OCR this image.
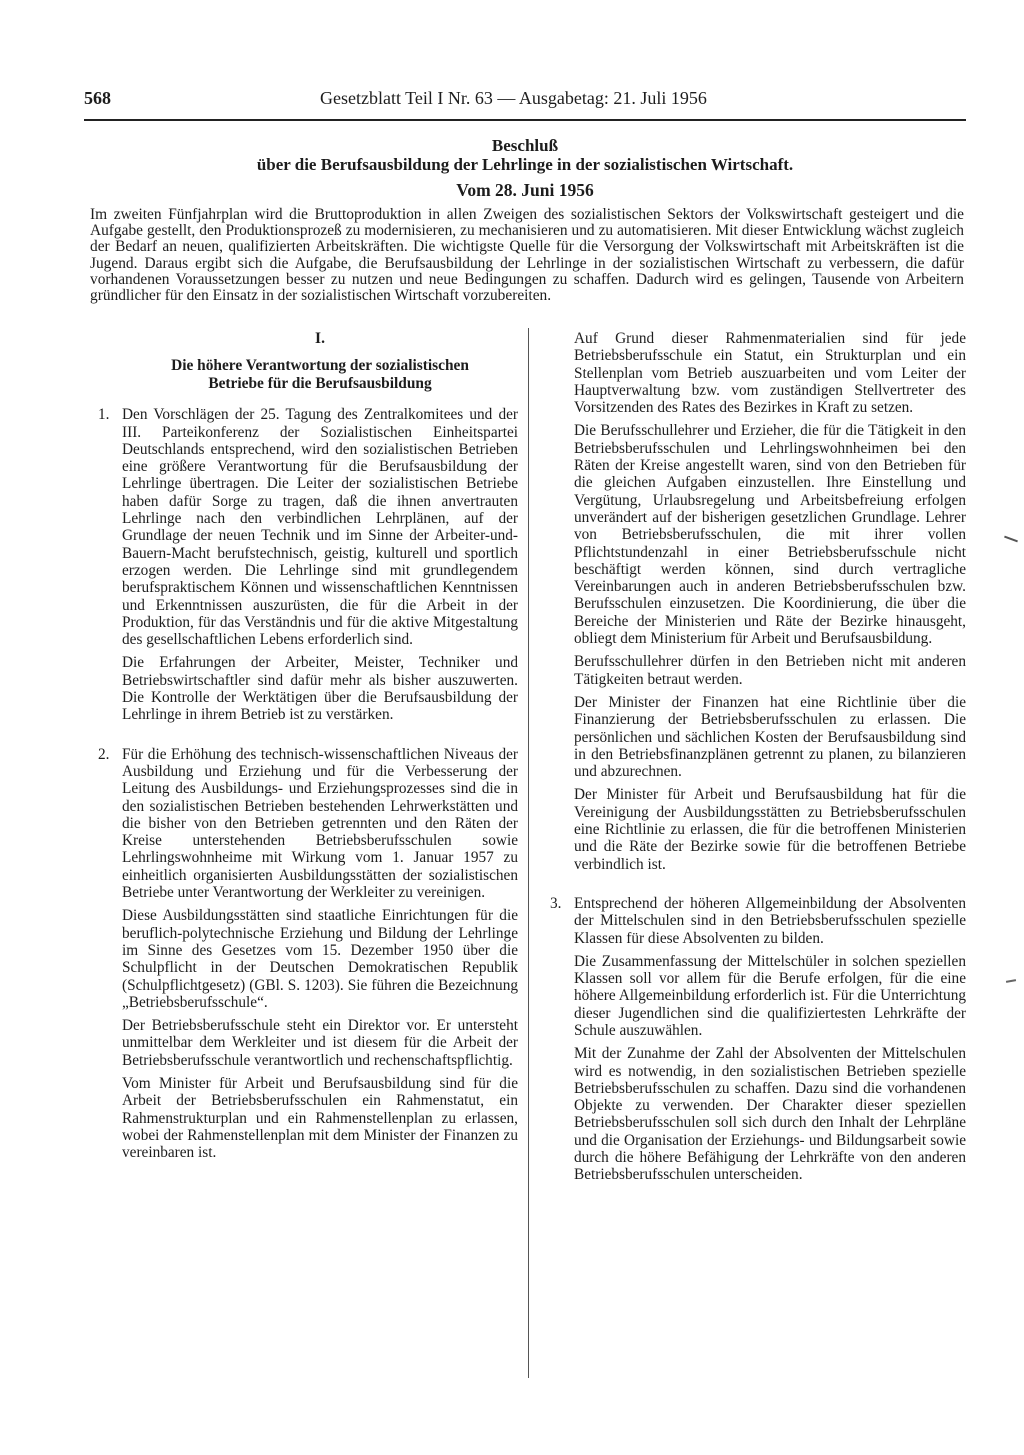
568	Gesetzblatt Teil I Nr. 63 — Ausgabetag: 21. Juli 1956
Beschluß
über die Berufsausbildung der Lehrlinge in der sozialistischen Wirtschaft.
Vom 28. Juni 1956
Im zweiten Fünfjahrplan wird die Bruttoproduktion in allen Zweigen des sozialistischen Sektors der Volkswirtschaft gesteigert und die Aufgabe gestellt, den Produktionsprozeß zu modernisieren, zu mechanisieren und zu automatisieren. Mit dieser Entwicklung wächst zugleich der Bedarf an neuen, qualifizierten Arbeitskräften. Die wichtigste Quelle für die Versorgung der Volkswirtschaft mit Arbeitskräften ist die Jugend. Daraus ergibt sich die Aufgabe, die Berufsausbildung der Lehrlinge in der sozialistischen Wirtschaft zu verbessern, die dafür vorhandenen Voraussetzungen besser zu nutzen und neue Bedingungen zu schaffen. Dadurch wird es gelingen, Tausende von Arbeitern gründlicher für den Einsatz in der sozialistischen Wirtschaft vorzubereiten.
I.
Die höhere Verantwortung der sozialistischen
Betriebe für die Berufsausbildung
1. Den Vorschlägen der 25. Tagung des Zentralkomitees und der III. Parteikonferenz der Sozialistischen Einheitspartei Deutschlands entsprechend, wird den sozialistischen Betrieben eine größere Verantwortung für die Berufsausbildung der Lehrlinge übertragen. Die Leiter der sozialistischen Betriebe haben dafür Sorge zu tragen, daß die ihnen anvertrauten Lehrlinge nach den verbindlichen Lehrplänen, auf der Grundlage der neuen Technik und im Sinne der Arbeiter-und-Bauern-Macht berufstechnisch, geistig, kulturell und sportlich erzogen werden. Die Lehrlinge sind mit grundlegendem berufspraktischem Können und wissenschaftlichen Kenntnissen und Erkenntnissen auszurüsten, die für die Arbeit in der Produktion, für das Verständnis und für die aktive Mitgestaltung des gesellschaftlichen Lebens erforderlich sind.

Die Erfahrungen der Arbeiter, Meister, Techniker und Betriebswirtschaftler sind dafür mehr als bisher auszuwerten. Die Kontrolle der Werktätigen über die Berufsausbildung der Lehrlinge in ihrem Betrieb ist zu verstärken.

2. Für die Erhöhung des technisch-wissenschaftlichen Niveaus der Ausbildung und Erziehung und für die Verbesserung der Leitung des Ausbildungs- und Erziehungsprozesses sind die in den sozialistischen Betrieben bestehenden Lehrwerkstätten und die bisher von den Betrieben getrennten und den Räten der Kreise unterstehenden Betriebsberufsschulen sowie Lehrlingswohnheime mit Wirkung vom 1. Januar 1957 zu einheitlich organisierten Ausbildungsstätten der sozialistischen Betriebe unter Verantwortung der Werkleiter zu vereinigen.

Diese Ausbildungsstätten sind staatliche Einrichtungen für die beruflich-polytechnische Erziehung und Bildung der Lehrlinge im Sinne des Gesetzes vom 15. Dezember 1950 über die Schulpflicht in der Deutschen Demokratischen Republik (Schulpflichtgesetz) (GBl. S. 1203). Sie führen die Bezeichnung „Betriebsberufsschule“.

Der Betriebsberufsschule steht ein Direktor vor. Er untersteht unmittelbar dem Werkleiter und ist diesem für die Arbeit der Betriebsberufsschule verantwortlich und rechenschaftspflichtig.

Vom Minister für Arbeit und Berufsausbildung sind für die Arbeit der Betriebsberufsschulen ein Rahmenstatut, ein Rahmenstrukturplan und ein Rahmenstellenplan zu erlassen, wobei der Rahmenstellenplan mit dem Minister der Finanzen zu vereinbaren ist.

Auf Grund dieser Rahmenmaterialien sind für jede Betriebsberufsschule ein Statut, ein Strukturplan und ein Stellenplan vom Betrieb auszuarbeiten und vom Leiter der Hauptverwaltung bzw. vom zuständigen Stellvertreter des Vorsitzenden des Rates des Bezirkes in Kraft zu setzen.

Die Berufsschullehrer und Erzieher, die für die Tätigkeit in den Betriebsberufsschulen und Lehrlingswohnheimen bei den Räten der Kreise angestellt waren, sind von den Betrieben für die gleichen Aufgaben einzustellen. Ihre Einstellung und Vergütung, Urlaubsregelung und Arbeitsbefreiung erfolgen unverändert auf der bisherigen gesetzlichen Grundlage. Lehrer von Betriebsberufsschulen, die mit ihrer vollen Pflichtstundenzahl in einer Betriebsberufsschule nicht beschäftigt werden können, sind durch vertragliche Vereinbarungen auch in anderen Betriebsberufsschulen bzw. Berufsschulen einzusetzen. Die Koordinierung, die über die Bereiche der Ministerien und Räte der Bezirke hinausgeht, obliegt dem Ministerium für Arbeit und Berufsausbildung.

Berufsschullehrer dürfen in den Betrieben nicht mit anderen Tätigkeiten betraut werden.

Der Minister der Finanzen hat eine Richtlinie über die Finanzierung der Betriebsberufsschulen zu erlassen. Die persönlichen und sächlichen Kosten der Berufsausbildung sind in den Betriebsfinanzplänen getrennt zu planen, zu bilanzieren und abzurechnen.

Der Minister für Arbeit und Berufsausbildung hat für die Vereinigung der Ausbildungsstätten zu Betriebsberufsschulen eine Richtlinie zu erlassen, die für die betroffenen Ministerien und die Räte der Bezirke sowie für die betroffenen Betriebe verbindlich ist.

3. Entsprechend der höheren Allgemeinbildung der Absolventen der Mittelschulen sind in den Betriebsberufsschulen spezielle Klassen für diese Absolventen zu bilden.

Die Zusammenfassung der Mittelschüler in solchen speziellen Klassen soll vor allem für die Berufe erfolgen, für die eine höhere Allgemeinbildung erforderlich ist. Für die Unterrichtung dieser Jugendlichen sind die qualifiziertesten Lehrkräfte der Schule auszuwählen.

Mit der Zunahme der Zahl der Absolventen der Mittelschulen wird es notwendig, in den sozialistischen Betrieben spezielle Betriebsberufsschulen zu schaffen. Dazu sind die vorhandenen Objekte zu verwenden. Der Charakter dieser speziellen Betriebsberufsschulen soll sich durch den Inhalt der Lehrpläne und die Organisation der Erziehungs- und Bildungsarbeit sowie durch die höhere Befähigung der Lehrkräfte von den anderen Betriebsberufsschulen unterscheiden.
